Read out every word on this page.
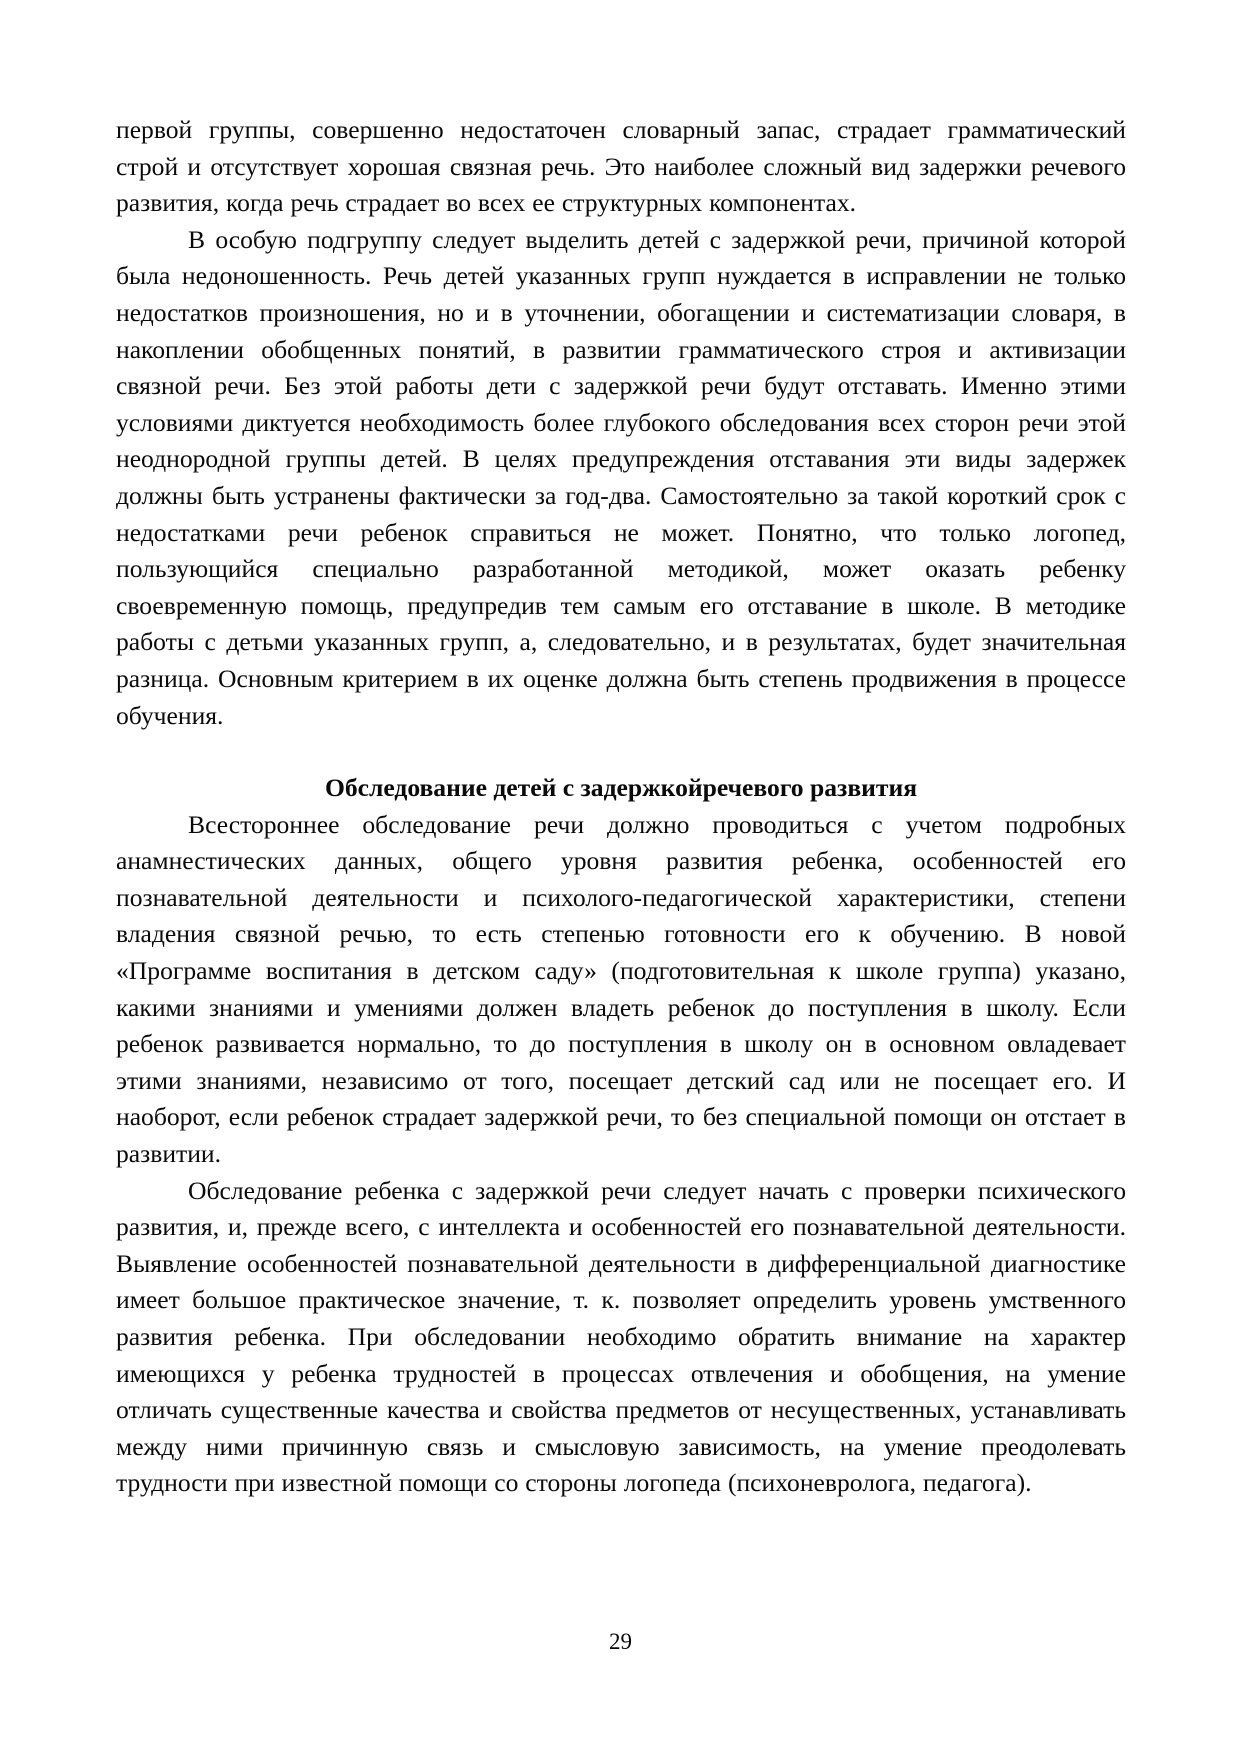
первой группы, совершенно недостаточен словарный запас, страдает грамматический строй и отсутствует хорошая связная речь. Это наиболее сложный вид задержки речевого развития, когда речь страдает во всех ее структурных компонентах.

В особую подгруппу следует выделить детей с задержкой речи, причиной которой была недоношенность. Речь детей указанных групп нуждается в исправлении не только недостатков произношения, но и в уточнении, обогащении и систематизации словаря, в накоплении обобщенных понятий, в развитии грамматического строя и активизации связной речи. Без этой работы дети с задержкой речи будут отставать. Именно этими условиями диктуется необходимость более глубокого обследования всех сторон речи этой неоднородной группы детей. В целях предупреждения отставания эти виды задержек должны быть устранены фактически за год-два. Самостоятельно за такой короткий срок с недостатками речи ребенок справиться не может. Понятно, что только логопед, пользующийся специально разработанной методикой, может оказать ребенку своевременную помощь, предупредив тем самым его отставание в школе. В методике работы с детьми указанных групп, а, следовательно, и в результатах, будет значительная разница. Основным критерием в их оценке должна быть степень продвижения в процессе обучения.

Обследование детей с задержкойречевого развития

Всестороннее обследование речи должно проводиться с учетом подробных анамнестических данных, общего уровня развития ребенка, особенностей его познавательной деятельности и психолого-педагогической характеристики, степени владения связной речью, то есть степенью готовности его к обучению. В новой «Программе воспитания в детском саду» (подготовительная к школе группа) указано, какими знаниями и умениями должен владеть ребенок до поступления в школу. Если ребенок развивается нормально, то до поступления в школу он в основном овладевает этими знаниями, независимо от того, посещает детский сад или не посещает его. И наоборот, если ребенок страдает задержкой речи, то без специальной помощи он отстает в развитии.

Обследование ребенка с задержкой речи следует начать с проверки психического развития, и, прежде всего, с интеллекта и особенностей его познавательной деятельности. Выявление особенностей познавательной деятельности в дифференциальной диагностике имеет большое практическое значение, т. к. позволяет определить уровень умственного развития ребенка. При обследовании необходимо обратить внимание на характер имеющихся у ребенка трудностей в процессах отвлечения и обобщения, на умение отличать существенные качества и свойства предметов от несущественных, устанавливать между ними причинную связь и смысловую зависимость, на умение преодолевать трудности при известной помощи со стороны логопеда (психоневролога, педагога).

29
